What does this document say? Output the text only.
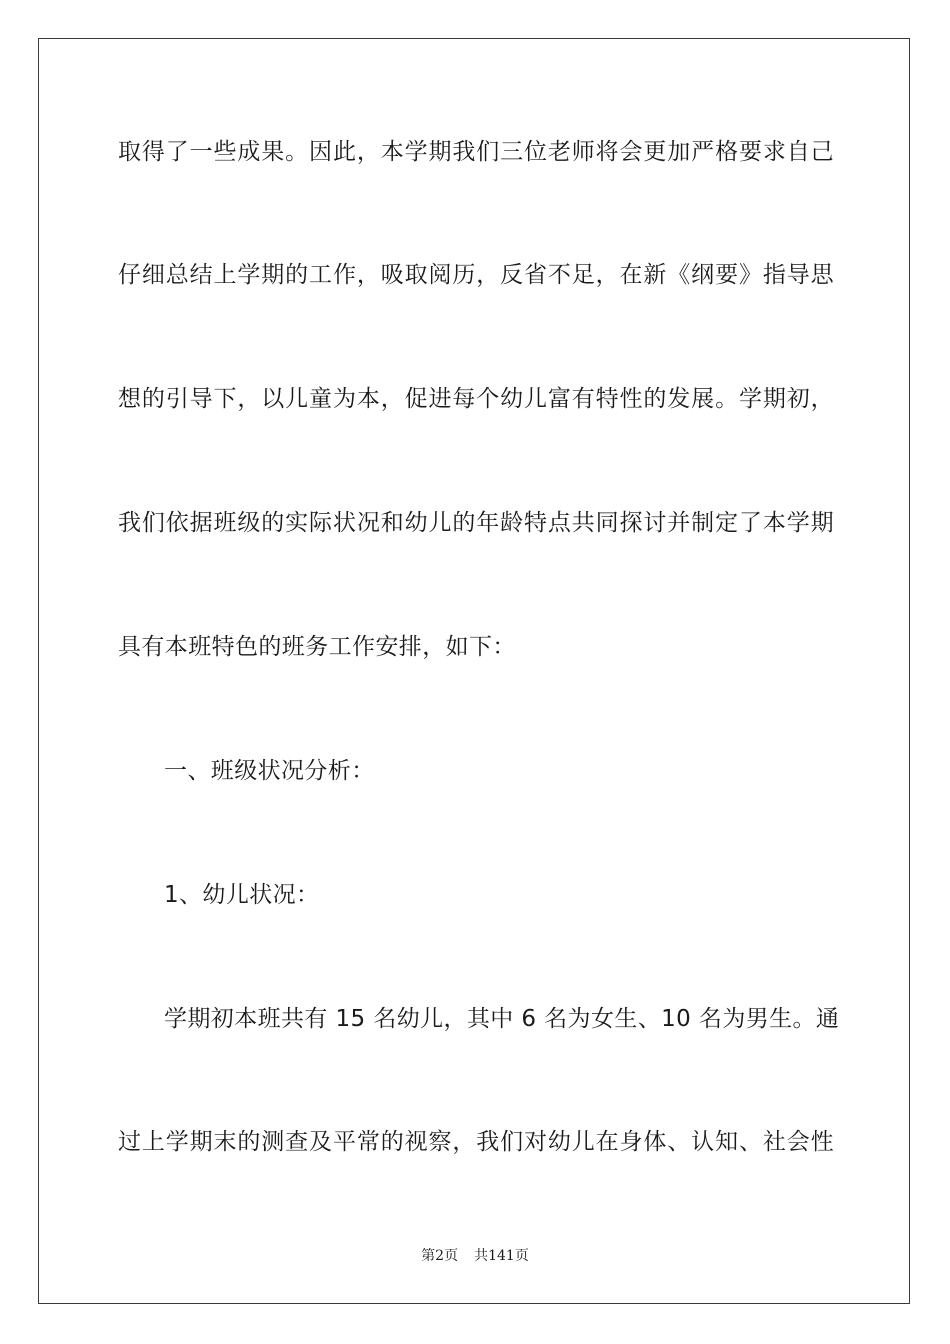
取得了一些成果。因此，本学期我们三位老师将会更加严格要求自己
仔细总结上学期的工作，吸取阅历，反省不足，在新《纲要》指导思
想的引导下，以儿童为本，促进每个幼儿富有特性的发展。学期初，
我们依据班级的实际状况和幼儿的年龄特点共同探讨并制定了本学期
具有本班特色的班务工作安排，如下：
一、班级状况分析：
1、幼儿状况：
学期初本班共有 15 名幼儿，其中 6 名为女生、10 名为男生。通
过上学期末的测查及平常的视察，我们对幼儿在身体、认知、社会性
第2页 共141页
